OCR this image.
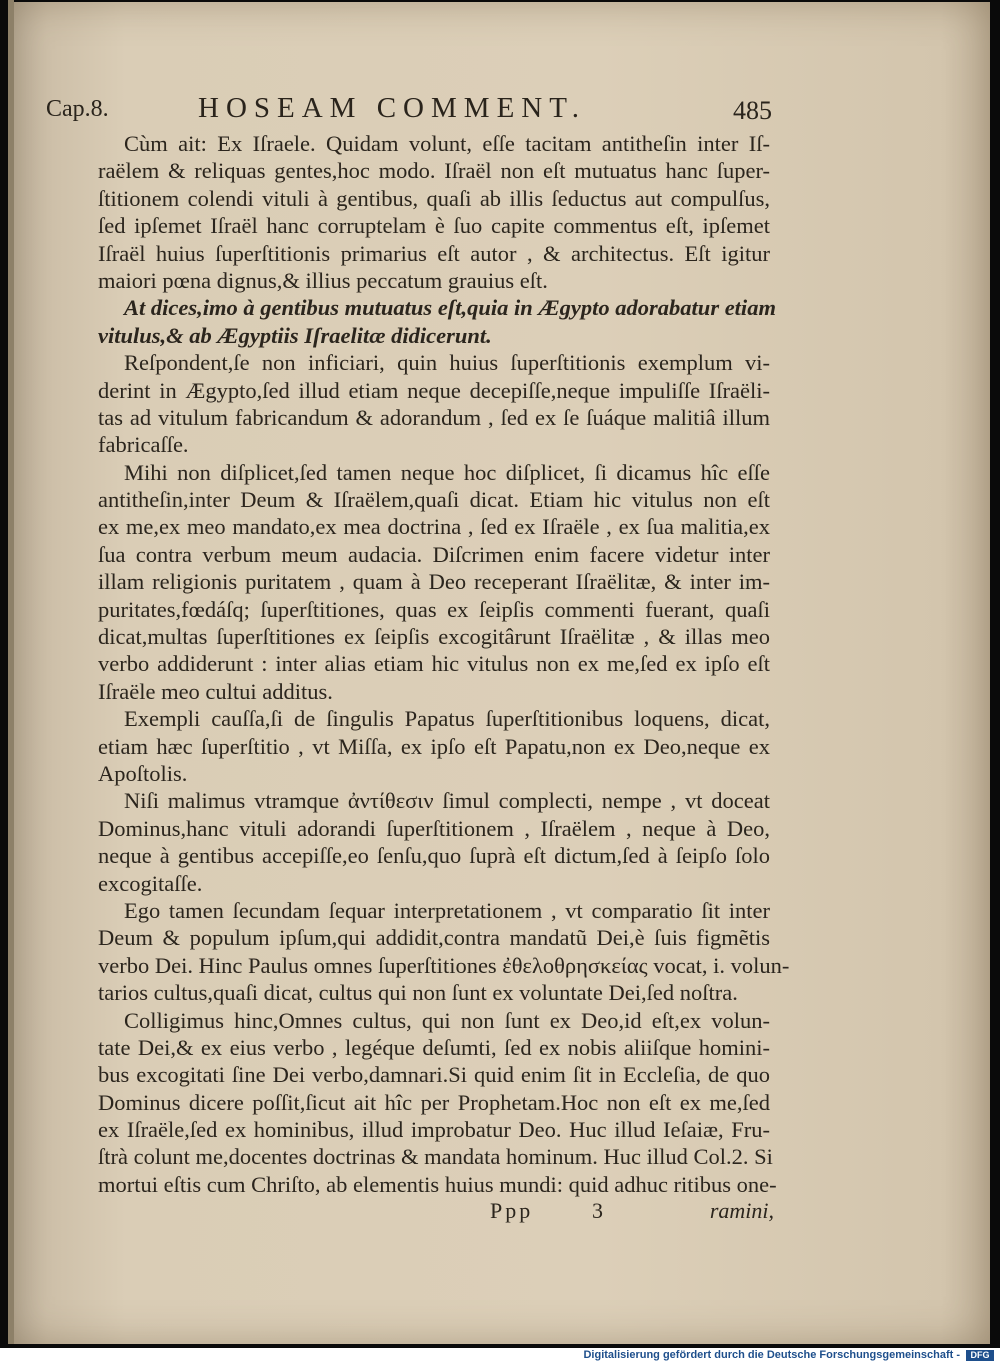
Cap.8.	HOSEAM COMMENT.	485
Cùm ait: Ex Iſraele. Quidam volunt, eſſe tacitam antitheſin inter Iſ-
raëlem & reliquas gentes,hoc modo. Iſraël non eſt mutuatus hanc ſuper-
ſtitionem colendi vituli à gentibus, quaſi ab illis ſeductus aut compulſus,
ſed ipſemet Iſraël hanc corruptelam è ſuo capite commentus eſt, ipſemet
Iſraël huius ſuperſtitionis primarius eſt autor , & architectus. Eſt igitur
maiori pœna dignus,& illius peccatum grauius eſt.
At dices,imo à gentibus mutuatus eſt,quia in Ægypto adorabatur etiam
vitulus,& ab Ægyptiis Iſraelitæ didicerunt.
Reſpondent,ſe non inficiari, quin huius ſuperſtitionis exemplum vi-
derint in Ægypto,ſed illud etiam neque decepiſſe,neque impuliſſe Iſraëli-
tas ad vitulum fabricandum & adorandum , ſed ex ſe ſuáque malitiâ illum
fabricaſſe.
Mihi non diſplicet,ſed tamen neque hoc diſplicet, ſi dicamus hîc eſſe
antitheſin,inter Deum & Iſraëlem,quaſi dicat. Etiam hic vitulus non eſt
ex me,ex meo mandato,ex mea doctrina , ſed ex Iſraële , ex ſua malitia,ex
ſua contra verbum meum audacia. Diſcrimen enim facere videtur inter
illam religionis puritatem , quam à Deo receperant Iſraëlitæ, & inter im-
puritates,fœdáſq; ſuperſtitiones, quas ex ſeipſis commenti fuerant, quaſi
dicat,multas ſuperſtitiones ex ſeipſis excogitârunt Iſraëlitæ , & illas meo
verbo addiderunt : inter alias etiam hic vitulus non ex me,ſed ex ipſo eſt
Iſraële meo cultui additus.
Exempli cauſſa,ſi de ſingulis Papatus ſuperſtitionibus loquens, dicat,
etiam hæc ſuperſtitio , vt Miſſa, ex ipſo eſt Papatu,non ex Deo,neque ex
Apoſtolis.
Niſi malimus vtramque ἀντίθεσιν ſimul complecti, nempe , vt doceat
Dominus,hanc vituli adorandi ſuperſtitionem , Iſraëlem , neque à Deo,
neque à gentibus accepiſſe,eo ſenſu,quo ſuprà eſt dictum,ſed à ſeipſo ſolo
excogitaſſe.
Ego tamen ſecundam ſequar interpretationem , vt comparatio ſit inter
Deum & populum ipſum,qui addidit,contra mandatũ Dei,è ſuis figmẽtis
verbo Dei. Hinc Paulus omnes ſuperſtitiones ἐθελοθρησκείας vocat, i. volun-
tarios cultus,quaſi dicat, cultus qui non ſunt ex voluntate Dei,ſed noſtra.
Colligimus hinc,Omnes cultus, qui non ſunt ex Deo,id eſt,ex volun-
tate Dei,& ex eius verbo , legéque deſumti, ſed ex nobis aliiſque homini-
bus excogitati ſine Dei verbo,damnari.Si quid enim ſit in Eccleſia, de quo
Dominus dicere poſſit,ſicut ait hîc per Prophetam.Hoc non eſt ex me,ſed
ex Iſraële,ſed ex hominibus, illud improbatur Deo. Huc illud Ieſaiæ, Fru-
ſtrà colunt me,docentes doctrinas & mandata hominum. Huc illud Col.2. Si
mortui eſtis cum Chriſto, ab elementis huius mundi: quid adhuc ritibus one-
Ppp	3	ramini,
Digitalisierung gefördert durch die Deutsche Forschungsgemeinschaft -	DFG
